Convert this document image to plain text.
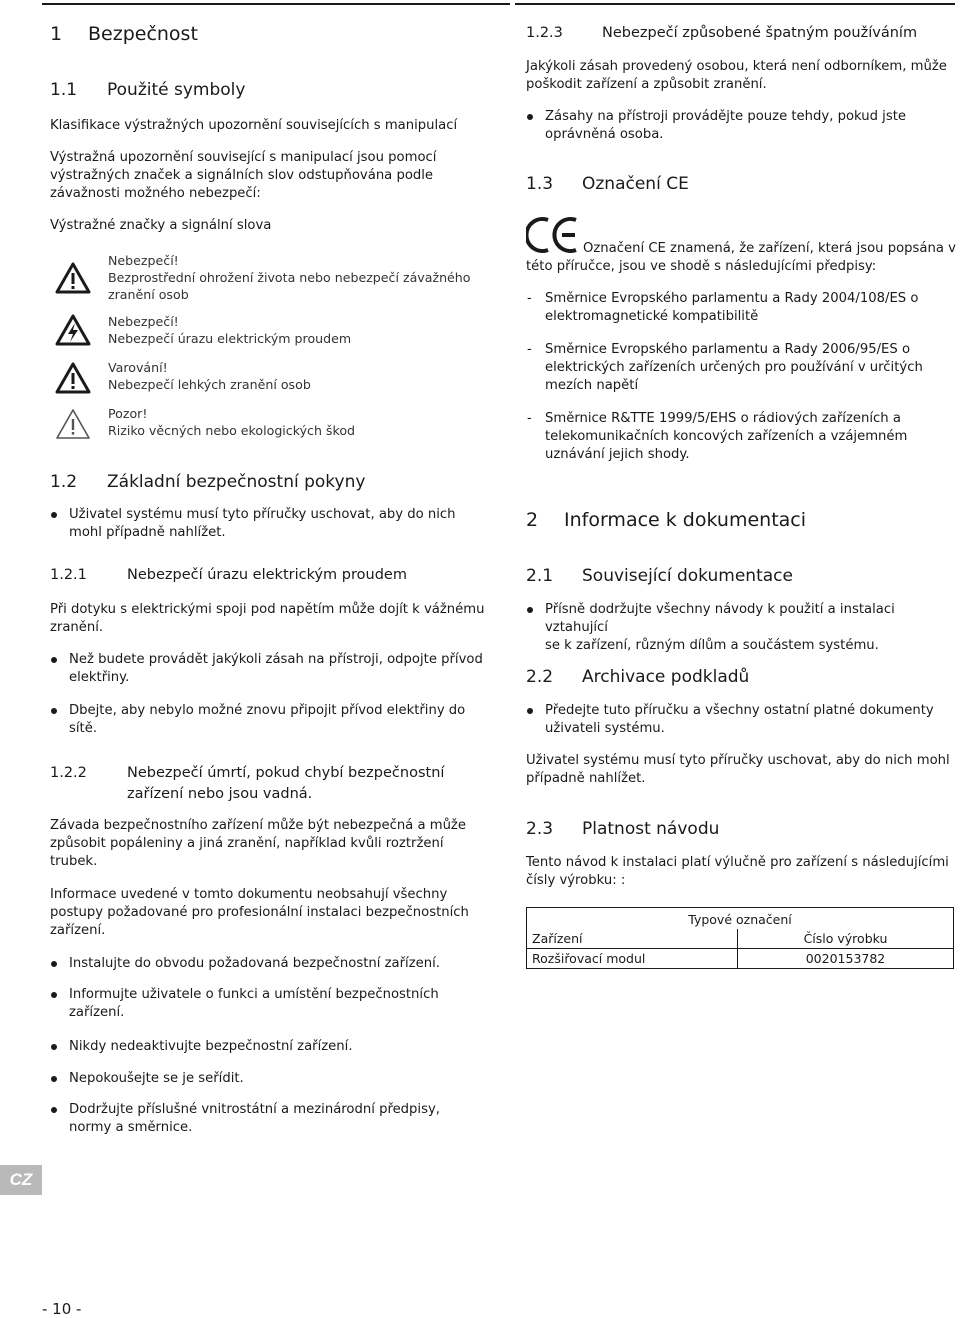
1 Bezpečnost
1.1 Použité symboly
Klasifikace výstražných upozornění souvisejících s manipulací
Výstražná upozornění související s manipulací jsou pomocí
výstražných značek a signálních slov odstupňována podle
závažnosti možného nebezpečí:
Výstražné značky a signální slova
Nebezpečí!
Bezprostřední ohrožení života nebo nebezpečí závažného
zranění osob
Nebezpečí!
Nebezpečí úrazu elektrickým proudem
Varování!
Nebezpečí lehkých zranění osob
Pozor!
Riziko věcných nebo ekologických škod
1.2 Základní bezpečnostní pokyny
Uživatel systému musí tyto příručky uschovat, aby do nich
mohl případně nahlížet.
1.2.1	Nebezpečí úrazu elektrickým proudem
Při dotyku s elektrickými spoji pod napětím může dojít k vážnému
zranění.
Než budete provádět jakýkoli zásah na přístroji, odpojte přívod
elektřiny.
Dbejte, aby nebylo možné znovu připojit přívod elektřiny do
sítě.
1.2.2	Nebezpečí úmrtí, pokud chybí bezpečnostní
zařízení nebo jsou vadná.
Závada bezpečnostního zařízení může být nebezpečná a může
způsobit popáleniny a jiná zranění, například kvůli roztržení
trubek.
Informace uvedené v tomto dokumentu neobsahují všechny
postupy požadované pro profesionální instalaci bezpečnostních
zařízení.
Instalujte do obvodu požadovaná bezpečnostní zařízení.
Informujte uživatele o funkci a umístění bezpečnostních
zařízení.
Nikdy nedeaktivujte bezpečnostní zařízení.
Nepokoušejte se je seřídit.
Dodržujte příslušné vnitrostátní a mezinárodní předpisy,
normy a směrnice.
1.2.3	Nebezpečí způsobené špatným používáním
Jakýkoli zásah provedený osobou, která není odborníkem, může
poškodit zařízení a způsobit zranění.
Zásahy na přístroji provádějte pouze tehdy, pokud jste
oprávněná osoba.
1.3 Označení CE
Označení CE znamená, že zařízení, která jsou popsána v
této příručce, jsou ve shodě s následujícími předpisy:
- Směrnice Evropského parlamentu a Rady 2004/108/ES o
elektromagnetické kompatibilitě
- Směrnice Evropského parlamentu a Rady 2006/95/ES o
elektrických zařízeních určených pro používání v určitých
mezích napětí
- Směrnice R&TTE 1999/5/EHS o rádiových zařízeních a
telekomunikačních koncových zařízeních a vzájemném
uznávání jejich shody.
2 Informace k dokumentaci
2.1 Související dokumentace
Přísně dodržujte všechny návody k použití a instalaci vztahující
se k zařízení, různým dílům a součástem systému.
2.2 Archivace podkladů
Předejte tuto příručku a všechny ostatní platné dokumenty
uživateli systému.
Uživatel systému musí tyto příručky uschovat, aby do nich mohl
případně nahlížet.
2.3 Platnost návodu
Tento návod k instalaci platí výlučně pro zařízení s následujícími
čísly výrobku: :
Typové označení	
Zařízení	Číslo výrobku
Rozšiřovací modul	0020153782
CZ
- 10 -
